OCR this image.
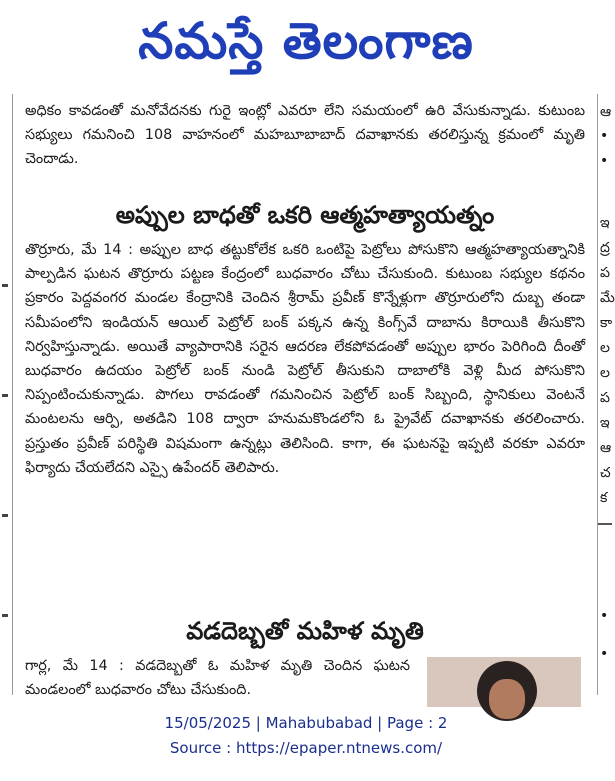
నమస్తే తెలంగాణ

అధికం కావడంతో మనోవేదనకు గురై ఇంట్లో ఎవరూ లేని సమయంలో ఉరి వేసుకున్నాడు. కుటుంబ సభ్యులు గమనించి 108 వాహనంలో మహబూబాబాద్ దవాఖానకు తరలిస్తున్న క్రమంలో మృతి చెందాడు.

అప్పుల బాధతో ఒకరి ఆత్మహత్యాయత్నం

తొర్రూరు, మే 14 : అప్పుల బాధ తట్టుకోలేక ఒకరి ఒంటిపై పెట్రోలు పోసుకొని ఆత్మహత్యాయత్నానికి పాల్పడిన ఘటన తొర్రూరు పట్టణ కేంద్రంలో బుధవారం చోటు చేసుకుంది. కుటుంబ సభ్యుల కథనం ప్రకారం పెద్దవంగర మండల కేంద్రానికి చెందిన శ్రీరామ్ ప్రవీణ్ కొన్నేళ్లుగా తొర్రూరులోని దుబ్బ తండా సమీపంలోని ఇండియన్ ఆయిల్ పెట్రోల్ బంక్ పక్కన ఉన్న కింగ్స్‌వే దాబాను కిరాయికి తీసుకొని నిర్వహిస్తున్నాడు. అయితే వ్యాపారానికి సరైన ఆదరణ లేకపోవడంతో అప్పుల భారం పెరిగింది దీంతో బుధవారం ఉదయం పెట్రోల్ బంక్ నుండి పెట్రోల్ తీసుకుని దాబాలోకి వెళ్లి మీద పోసుకొని నిప్పంటించుకున్నాడు. పొగలు రావడంతో గమనించిన పెట్రోల్ బంక్ సిబ్బంది, స్థానికులు వెంటనే మంటలను ఆర్పి, అతడిని 108 ద్వారా హనుమకొండలోని ఓ ప్రైవేట్ దవాఖానకు తరలించారు. ప్రస్తుతం ప్రవీణ్ పరిస్థితి విషమంగా ఉన్నట్లు తెలిసింది. కాగా, ఈ ఘటనపై ఇప్పటి వరకూ ఎవరూ ఫిర్యాదు చేయలేదని ఎస్సై ఉపేందర్ తెలిపారు.

వడదెబ్బతో మహిళ మృతి

గార్ల, మే 14 : వడదెబ్బతో ఓ మహిళ మృతి చెందిన ఘటన మండలంలో బుధవారం చోటు చేసుకుంది.

ఆ
•
•
ఇ
ద్ర
ప
మే
కా
ల
ల
ప
ఇ
ఆ
చ
క
•
•
15/05/2025 | Mahabubabad | Page : 2
Source : https://epaper.ntnews.com/
